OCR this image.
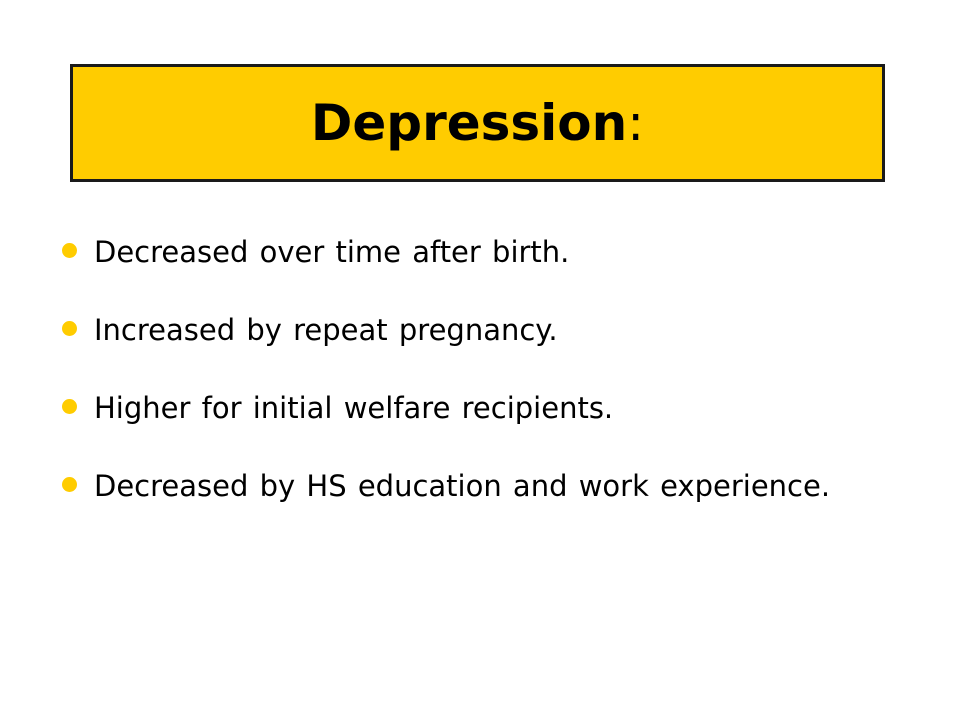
Depression:
Decreased over time after birth.
Increased by repeat pregnancy.
Higher for initial welfare recipients.
Decreased by HS education and work experience.
